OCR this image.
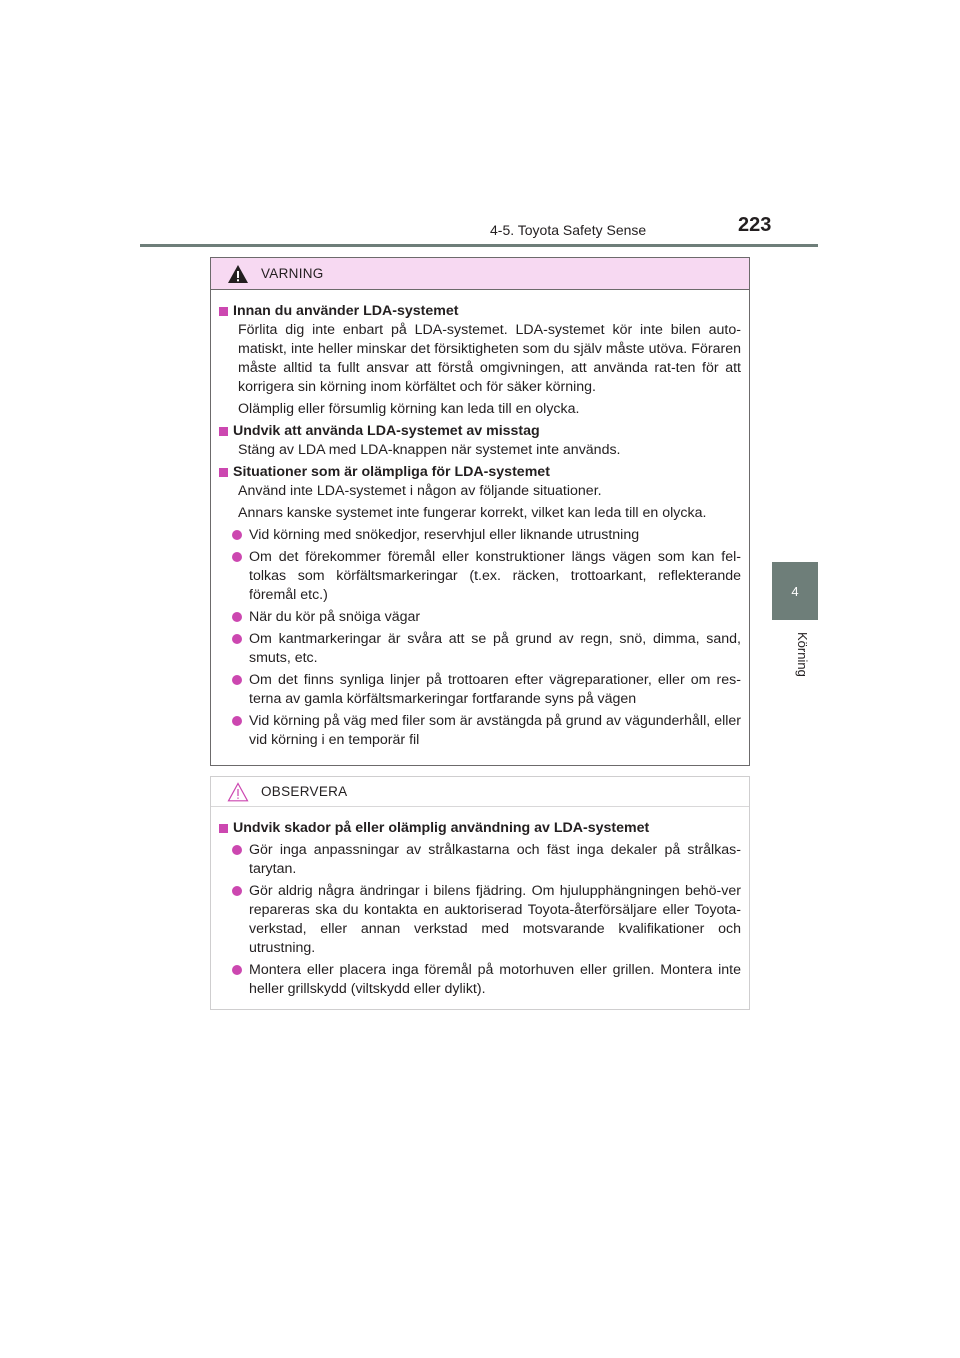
4-5. Toyota Safety Sense	223
4
Körning
VARNING
Innan du använder LDA-systemet
Förlita dig inte enbart på LDA-systemet. LDA-systemet kör inte bilen auto-matiskt, inte heller minskar det försiktigheten som du själv måste utöva. Föraren måste alltid ta fullt ansvar att förstå omgivningen, att använda rat-ten för att korrigera sin körning inom körfältet och för säker körning.
Olämplig eller försumlig körning kan leda till en olycka.
Undvik att använda LDA-systemet av misstag
Stäng av LDA med LDA-knappen när systemet inte används.
Situationer som är olämpliga för LDA-systemet
Använd inte LDA-systemet i någon av följande situationer.
Annars kanske systemet inte fungerar korrekt, vilket kan leda till en olycka.
Vid körning med snökedjor, reservhjul eller liknande utrustning
Om det förekommer föremål eller konstruktioner längs vägen som kan fel-tolkas som körfältsmarkeringar (t.ex. räcken, trottoarkant, reflekterande föremål etc.)
När du kör på snöiga vägar
Om kantmarkeringar är svåra att se på grund av regn, snö, dimma, sand, smuts, etc.
Om det finns synliga linjer på trottoaren efter vägreparationer, eller om res-terna av gamla körfältsmarkeringar fortfarande syns på vägen
Vid körning på väg med filer som är avstängda på grund av vägunderhåll, eller vid körning i en temporär fil
OBSERVERA
Undvik skador på eller olämplig användning av LDA-systemet
Gör inga anpassningar av strålkastarna och fäst inga dekaler på strålkas-tarytan.
Gör aldrig några ändringar i bilens fjädring. Om hjulupphängningen behö-ver repareras ska du kontakta en auktoriserad Toyota-återförsäljare eller Toyota-verkstad, eller annan verkstad med motsvarande kvalifikationer och utrustning.
Montera eller placera inga föremål på motorhuven eller grillen. Montera inte heller grillskydd (viltskydd eller dylikt).
